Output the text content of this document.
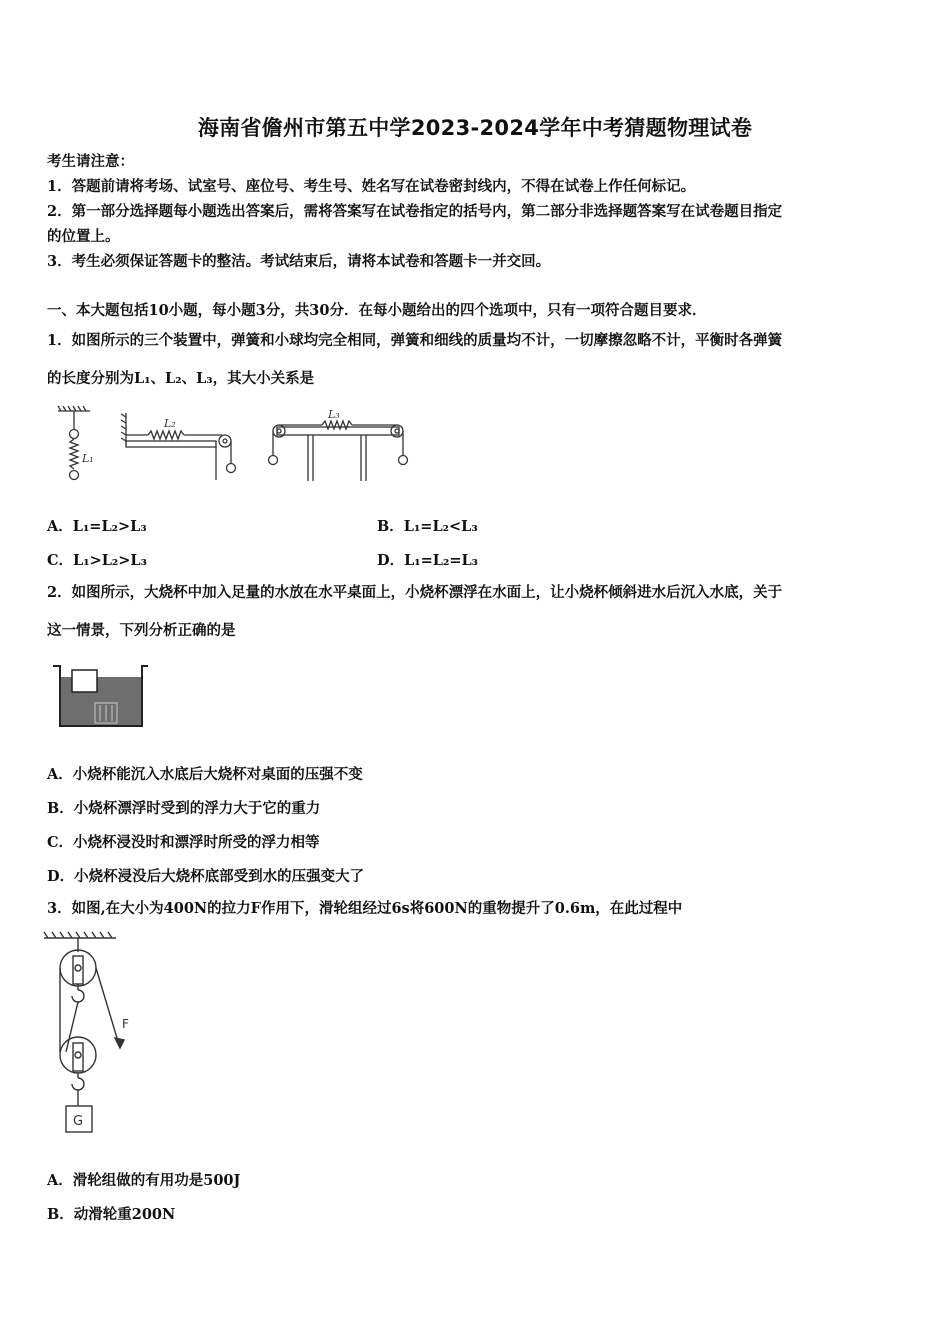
海南省儋州市第五中学2023-2024学年中考猜题物理试卷
考生请注意：
1．答题前请将考场、试室号、座位号、考生号、姓名写在试卷密封线内，不得在试卷上作任何标记。
2．第一部分选择题每小题选出答案后，需将答案写在试卷指定的括号内，第二部分非选择题答案写在试卷题目指定
的位置上。
3．考生必须保证答题卡的整洁。考试结束后，请将本试卷和答题卡一并交回。
一、本大题包括10小题，每小题3分，共30分．在每小题给出的四个选项中，只有一项符合题目要求．
1．如图所示的三个装置中，弹簧和小球均完全相同，弹簧和细线的质量均不计，一切摩擦忽略不计，平衡时各弹簧
的长度分别为L₁、L₂、L₃，其大小关系是
L₁
L₂
L₃
A．L₁=L₂>L₃	B．L₁=L₂<L₃
C．L₁>L₂>L₃	D．L₁=L₂=L₃
2．如图所示，大烧杯中加入足量的水放在水平桌面上，小烧杯漂浮在水面上，让小烧杯倾斜进水后沉入水底，关于
这一情景，下列分析正确的是
A．小烧杯能沉入水底后大烧杯对桌面的压强不变
B．小烧杯漂浮时受到的浮力大于它的重力
C．小烧杯浸没时和漂浮时所受的浮力相等
D．小烧杯浸没后大烧杯底部受到水的压强变大了
3．如图,在大小为400N的拉力F作用下，滑轮组经过6s将600N的重物提升了0.6m，在此过程中
F
G
A．滑轮组做的有用功是500J
B．动滑轮重200N
